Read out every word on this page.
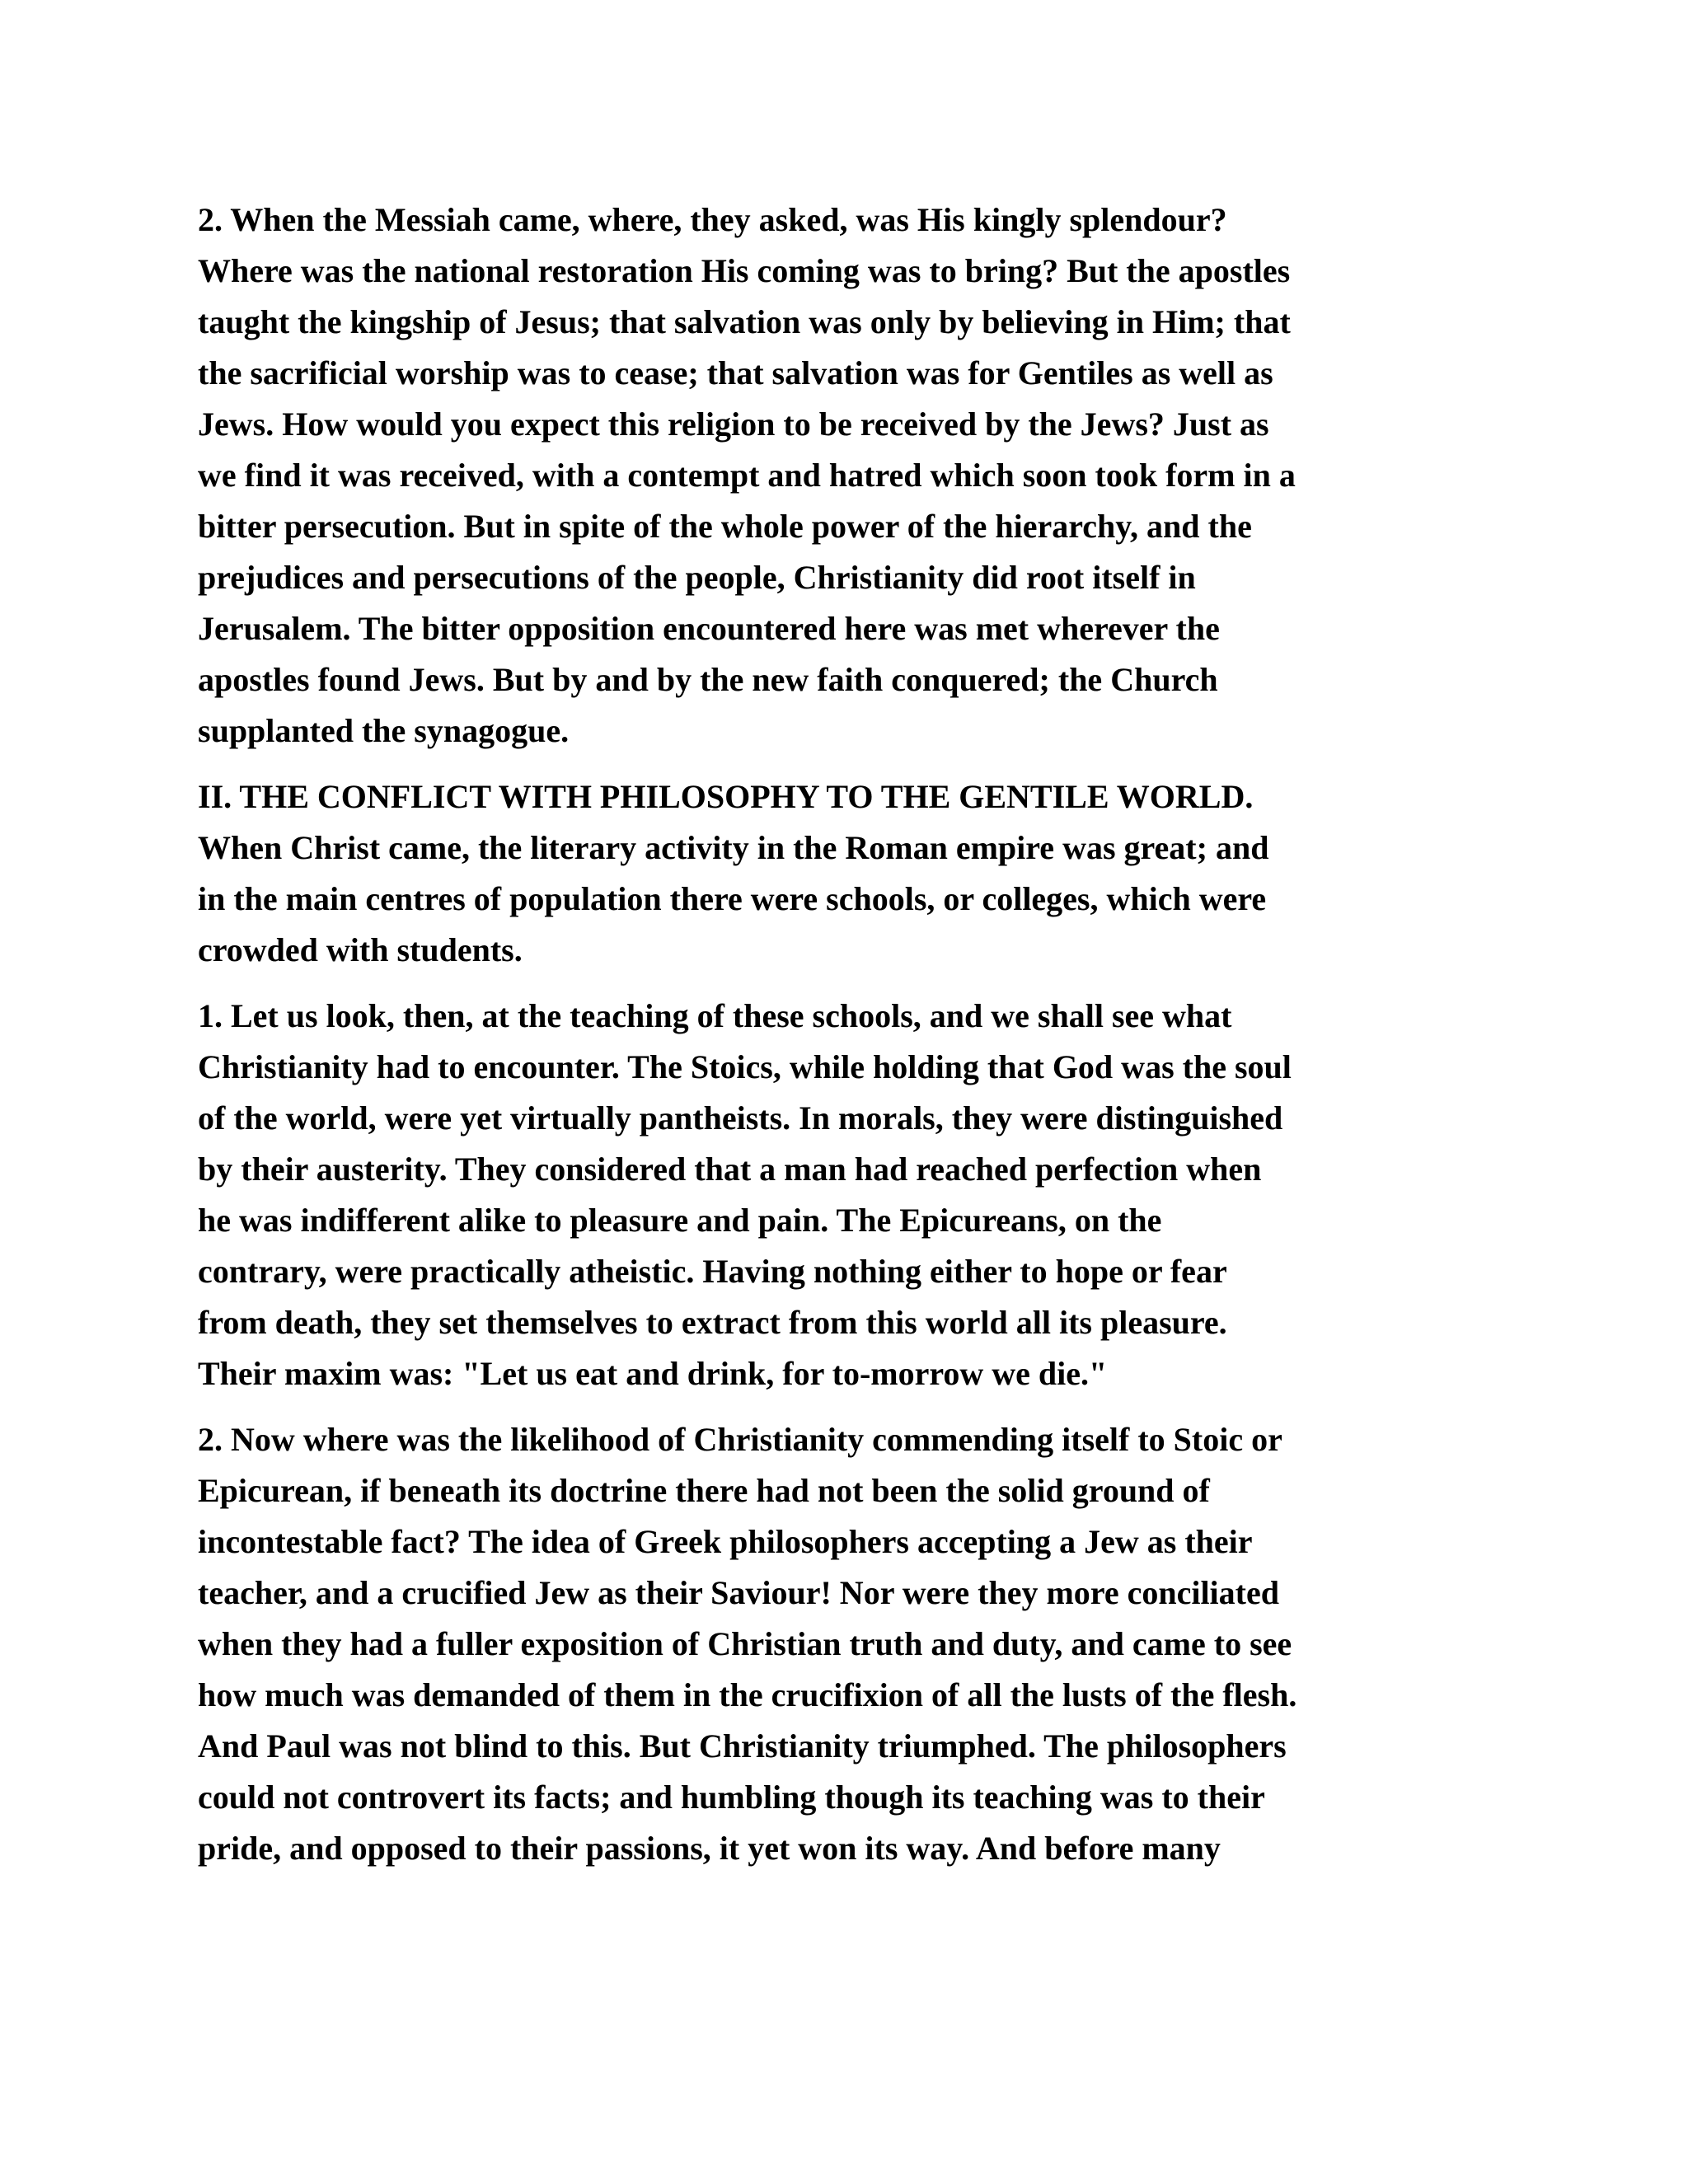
2. When the Messiah came, where, they asked, was His kingly splendour?
Where was the national restoration His coming was to bring? But the apostles
taught the kingship of Jesus; that salvation was only by believing in Him; that
the sacrificial worship was to cease; that salvation was for Gentiles as well as
Jews. How would you expect this religion to be received by the Jews? Just as
we find it was received, with a contempt and hatred which soon took form in a
bitter persecution. But in spite of the whole power of the hierarchy, and the
prejudices and persecutions of the people, Christianity did root itself in
Jerusalem. The bitter opposition encountered here was met wherever the
apostles found Jews. But by and by the new faith conquered; the Church
supplanted the synagogue.
II. THE CONFLICT WITH PHILOSOPHY TO THE GENTILE WORLD.
When Christ came, the literary activity in the Roman empire was great; and
in the main centres of population there were schools, or colleges, which were
crowded with students.
1. Let us look, then, at the teaching of these schools, and we shall see what
Christianity had to encounter. The Stoics, while holding that God was the soul
of the world, were yet virtually pantheists. In morals, they were distinguished
by their austerity. They considered that a man had reached perfection when
he was indifferent alike to pleasure and pain. The Epicureans, on the
contrary, were practically atheistic. Having nothing either to hope or fear
from death, they set themselves to extract from this world all its pleasure.
Their maxim was: "Let us eat and drink, for to-morrow we die."
2. Now where was the likelihood of Christianity commending itself to Stoic or
Epicurean, if beneath its doctrine there had not been the solid ground of
incontestable fact? The idea of Greek philosophers accepting a Jew as their
teacher, and a crucified Jew as their Saviour! Nor were they more conciliated
when they had a fuller exposition of Christian truth and duty, and came to see
how much was demanded of them in the crucifixion of all the lusts of the flesh.
And Paul was not blind to this. But Christianity triumphed. The philosophers
could not controvert its facts; and humbling though its teaching was to their
pride, and opposed to their passions, it yet won its way. And before many
